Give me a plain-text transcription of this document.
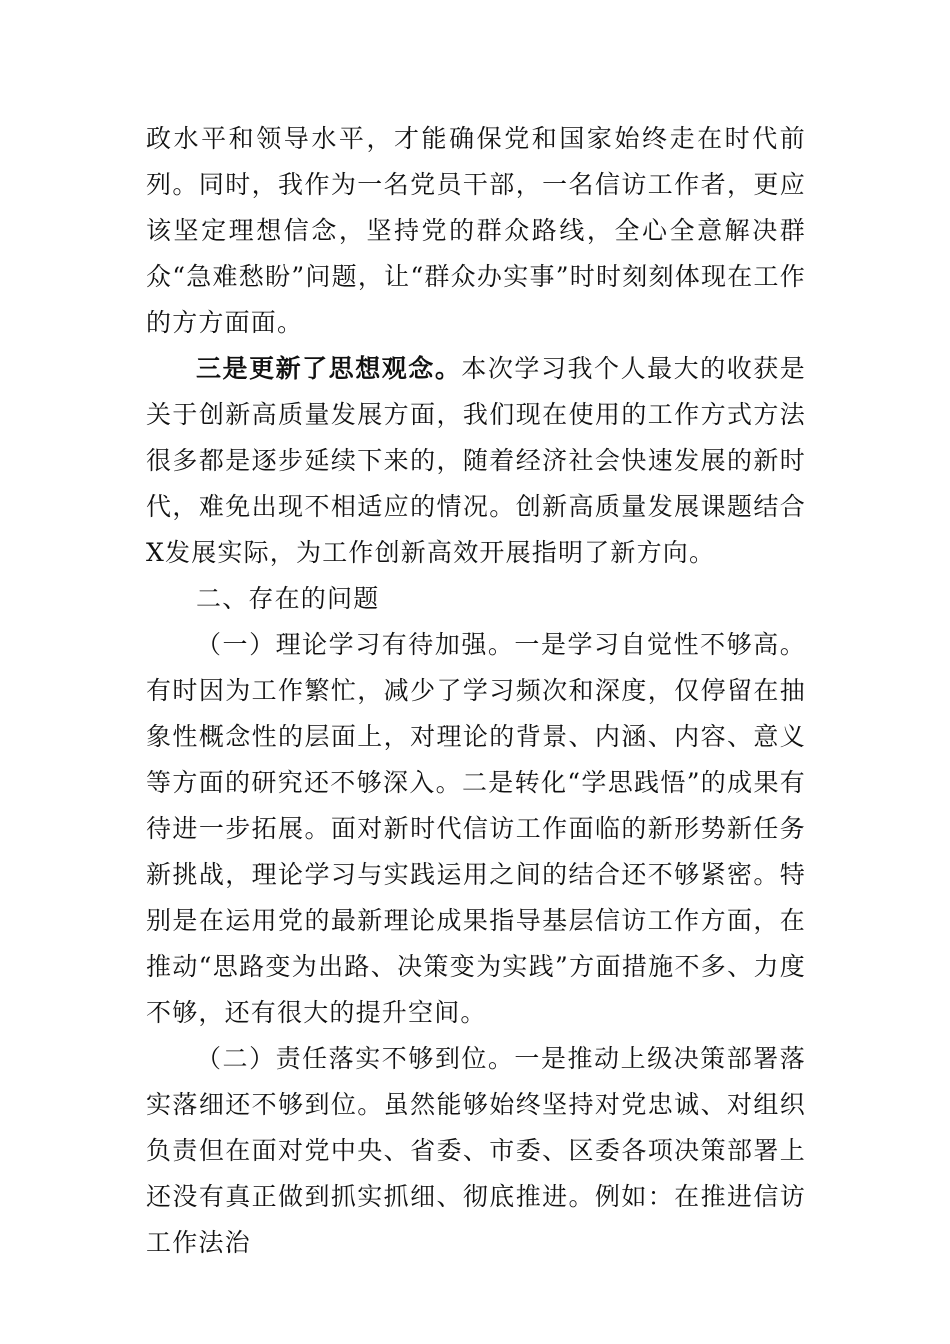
政水平和领导水平，才能确保党和国家始终走在时代前列。同时，我作为一名党员干部，一名信访工作者，更应该坚定理想信念，坚持党的群众路线，全心全意解决群众“急难愁盼”问题，让“群众办实事”时时刻刻体现在工作的方方面面。

三是更新了思想观念。本次学习我个人最大的收获是关于创新高质量发展方面，我们现在使用的工作方式方法很多都是逐步延续下来的，随着经济社会快速发展的新时代，难免出现不相适应的情况。创新高质量发展课题结合X发展实际，为工作创新高效开展指明了新方向。

二、存在的问题

（一）理论学习有待加强。一是学习自觉性不够高。有时因为工作繁忙，减少了学习频次和深度，仅停留在抽象性概念性的层面上，对理论的背景、内涵、内容、意义等方面的研究还不够深入。二是转化“学思践悟”的成果有待进一步拓展。面对新时代信访工作面临的新形势新任务新挑战，理论学习与实践运用之间的结合还不够紧密。特别是在运用党的最新理论成果指导基层信访工作方面，在推动“思路变为出路、决策变为实践”方面措施不多、力度不够，还有很大的提升空间。

（二）责任落实不够到位。一是推动上级决策部署落实落细还不够到位。虽然能够始终坚持对党忠诚、对组织负责但在面对党中央、省委、市委、区委各项决策部署上还没有真正做到抓实抓细、彻底推进。例如：在推进信访工作法治
